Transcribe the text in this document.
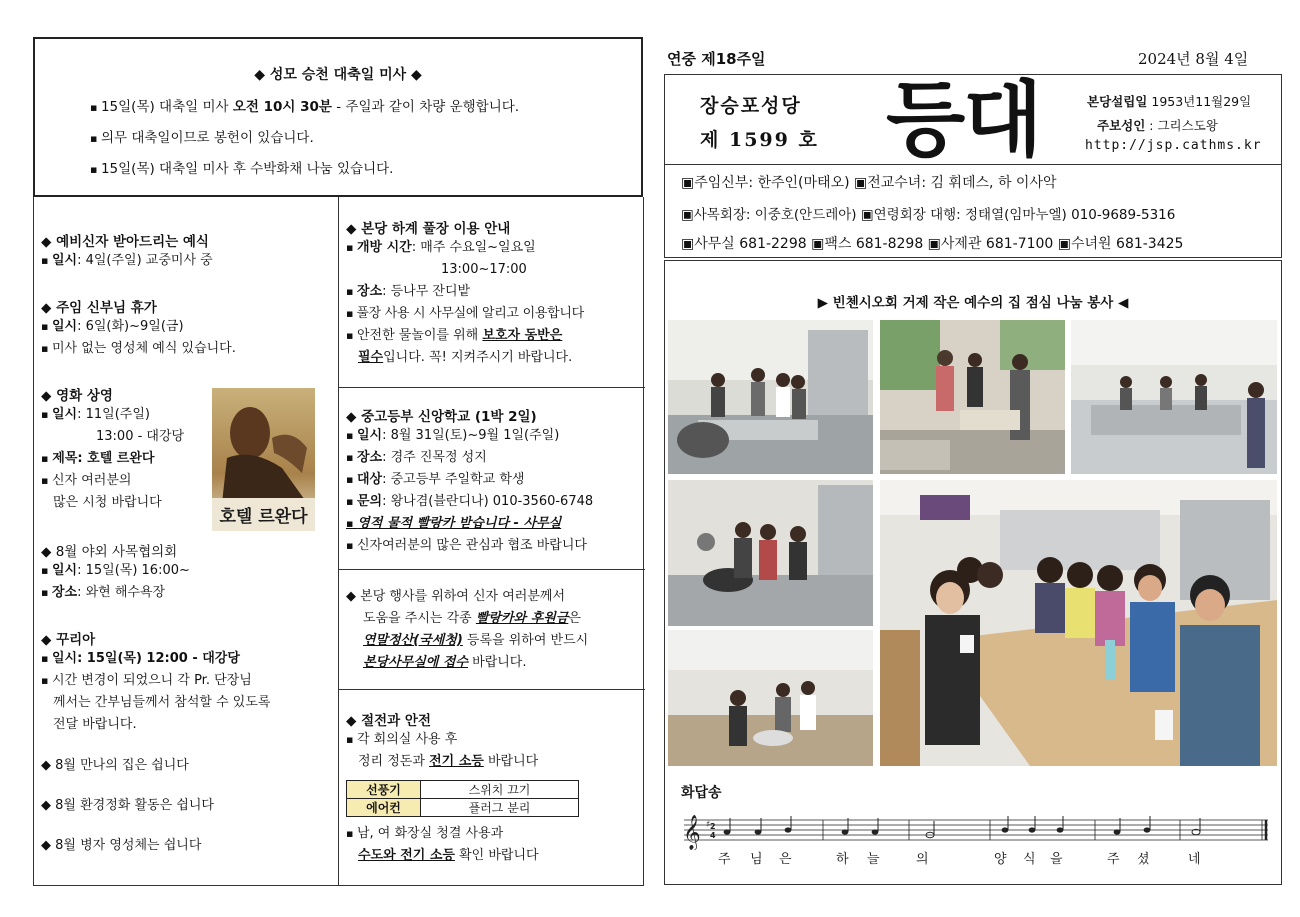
◆ 성모 승천 대축일 미사 ◆
▪ 15일(목) 대축일 미사 오전 10시 30분 - 주일과 같이 차량 운행합니다.
▪ 의무 대축일이므로 봉헌이 있습니다.
▪ 15일(목) 대축일 미사 후 수박화채 나눔 있습니다.
◆ 예비신자 받아드리는 예식
▪ 일시: 4일(주일) 교중미사 중
◆ 주임 신부님 휴가
▪ 일시: 6일(화)~9일(금)
▪ 미사 없는 영성체 예식 있습니다.
◆ 영화 상영
▪ 일시: 11일(주일)
13:00 - 대강당
▪ 제목: 호텔 르완다
▪ 신자 여러분의
많은 시청 바랍니다
호텔 르완다
◆ 8월 야외 사목협의회
▪ 일시: 15일(목) 16:00~
▪ 장소: 와현 해수욕장
◆ 꾸리아
▪ 일시: 15일(목) 12:00 - 대강당
▪ 시간 변경이 되었으니 각 Pr. 단장님
께서는 간부님들께서 참석할 수 있도록
전달 바랍니다.
◆ 8월 만나의 집은 쉽니다
◆ 8월 환경정화 활동은 쉽니다
◆ 8월 병자 영성체는 쉽니다
◆ 본당 하계 풀장 이용 안내
▪ 개방 시간: 매주 수요일~일요일
13:00~17:00
▪ 장소: 등나무 잔디밭
▪ 풀장 사용 시 사무실에 알리고 이용합니다
▪ 안전한 물놀이를 위해 보호자 동반은
필수입니다. 꼭! 지켜주시기 바랍니다.
◆ 중고등부 신앙학교 (1박 2일)
▪ 일시: 8월 31일(토)~9월 1일(주일)
▪ 장소: 경주 진목정 성지
▪ 대상: 중고등부 주일학교 학생
▪ 문의: 왕나겸(블란디나) 010-3560-6748
▪ 영적 물적 빨랑카 받습니다 - 사무실
▪ 신자여러분의 많은 관심과 협조 바랍니다
◆ 본당 행사를 위하여 신자 여러분께서
도움을 주시는 각종 빨랑카와 후원금은
연말정산(국세청) 등록을 위하여 반드시
본당사무실에 접수 바랍니다.
◆ 절전과 안전
▪ 각 회의실 사용 후
정리 정돈과 전기 소등 바랍니다
▪ 남, 여 화장실 청결 사용과
수도와 전기 소등 확인 바랍니다
선풍기	스위치 끄기
에어컨	플러그 분리
연중 제18주일	2024년 8월 4일
장승포성당
제 1599 호 등대	본당설립일 1953년11월29일
주보성인 : 그리스도왕
http://jsp.cathms.kr
▣주임신부: 한주인(마태오) ▣전교수녀: 김 휘데스, 하 이사악
▣사목회장: 이중호(안드레아) ▣연령회장 대행: 정태열(임마누엘) 010-9689-5316
▣사무실 681-2298 ▣팩스 681-8298 ▣사제관 681-7100 ▣수녀원 681-3425
▶ 빈첸시오회 거제 작은 예수의 집 점심 나눔 봉사 ◀
화답송
𝄞 ♯ 2
4
주 님 은	하 늘	의	양 식 을	주 셨	네
